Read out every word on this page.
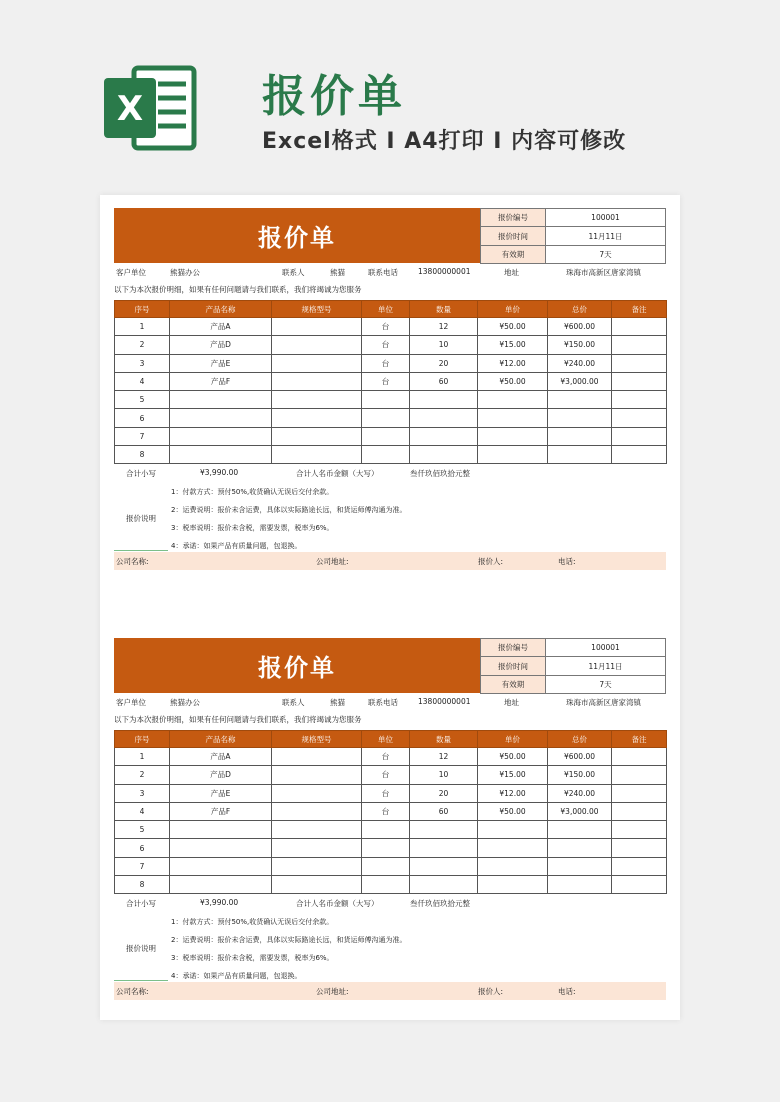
X	报价单
Excel格式 I A4打印 I 内容可修改
报价单
报价编号	100001
报价时间	11月11日
有效期	7天
客户单位	熊猫办公	联系人	熊猫	联系电话	13800000001	地址	珠海市高新区唐家湾镇
以下为本次报价明细，如果有任何问题请与我们联系，我们将竭诚为您服务
序号	产品名称	规格型号	单位	数量	单价	总价	备注
1	产品A		台	12	¥50.00	¥600.00	
2	产品D		台	10	¥15.00	¥150.00	
3	产品E		台	20	¥12.00	¥240.00	
4	产品F		台	60	¥50.00	¥3,000.00	
5							
6							
7							
8							
合计小写	¥3,990.00	合计人名币金额（大写）	叁仟玖佰玖拾元整
报价说明
1：付款方式：预付50%,收货确认无误后交付余款。
2：运费说明：报价未含运费，具体以实际路途长远，和货运师傅沟通为准。
3：税率说明：报价未含税，需要发票，税率为6%。
4：承诺：如果产品有质量问题，包退换。
公司名称:	公司地址:	报价人:	电话:
报价单
报价编号	100001
报价时间	11月11日
有效期	7天
客户单位	熊猫办公	联系人	熊猫	联系电话	13800000001	地址	珠海市高新区唐家湾镇
以下为本次报价明细，如果有任何问题请与我们联系，我们将竭诚为您服务
序号	产品名称	规格型号	单位	数量	单价	总价	备注
1	产品A		台	12	¥50.00	¥600.00	
2	产品D		台	10	¥15.00	¥150.00	
3	产品E		台	20	¥12.00	¥240.00	
4	产品F		台	60	¥50.00	¥3,000.00	
5							
6							
7							
8							
合计小写	¥3,990.00	合计人名币金额（大写）	叁仟玖佰玖拾元整
报价说明
1：付款方式：预付50%,收货确认无误后交付余款。
2：运费说明：报价未含运费，具体以实际路途长远，和货运师傅沟通为准。
3：税率说明：报价未含税，需要发票，税率为6%。
4：承诺：如果产品有质量问题，包退换。
公司名称:	公司地址:	报价人:	电话:
